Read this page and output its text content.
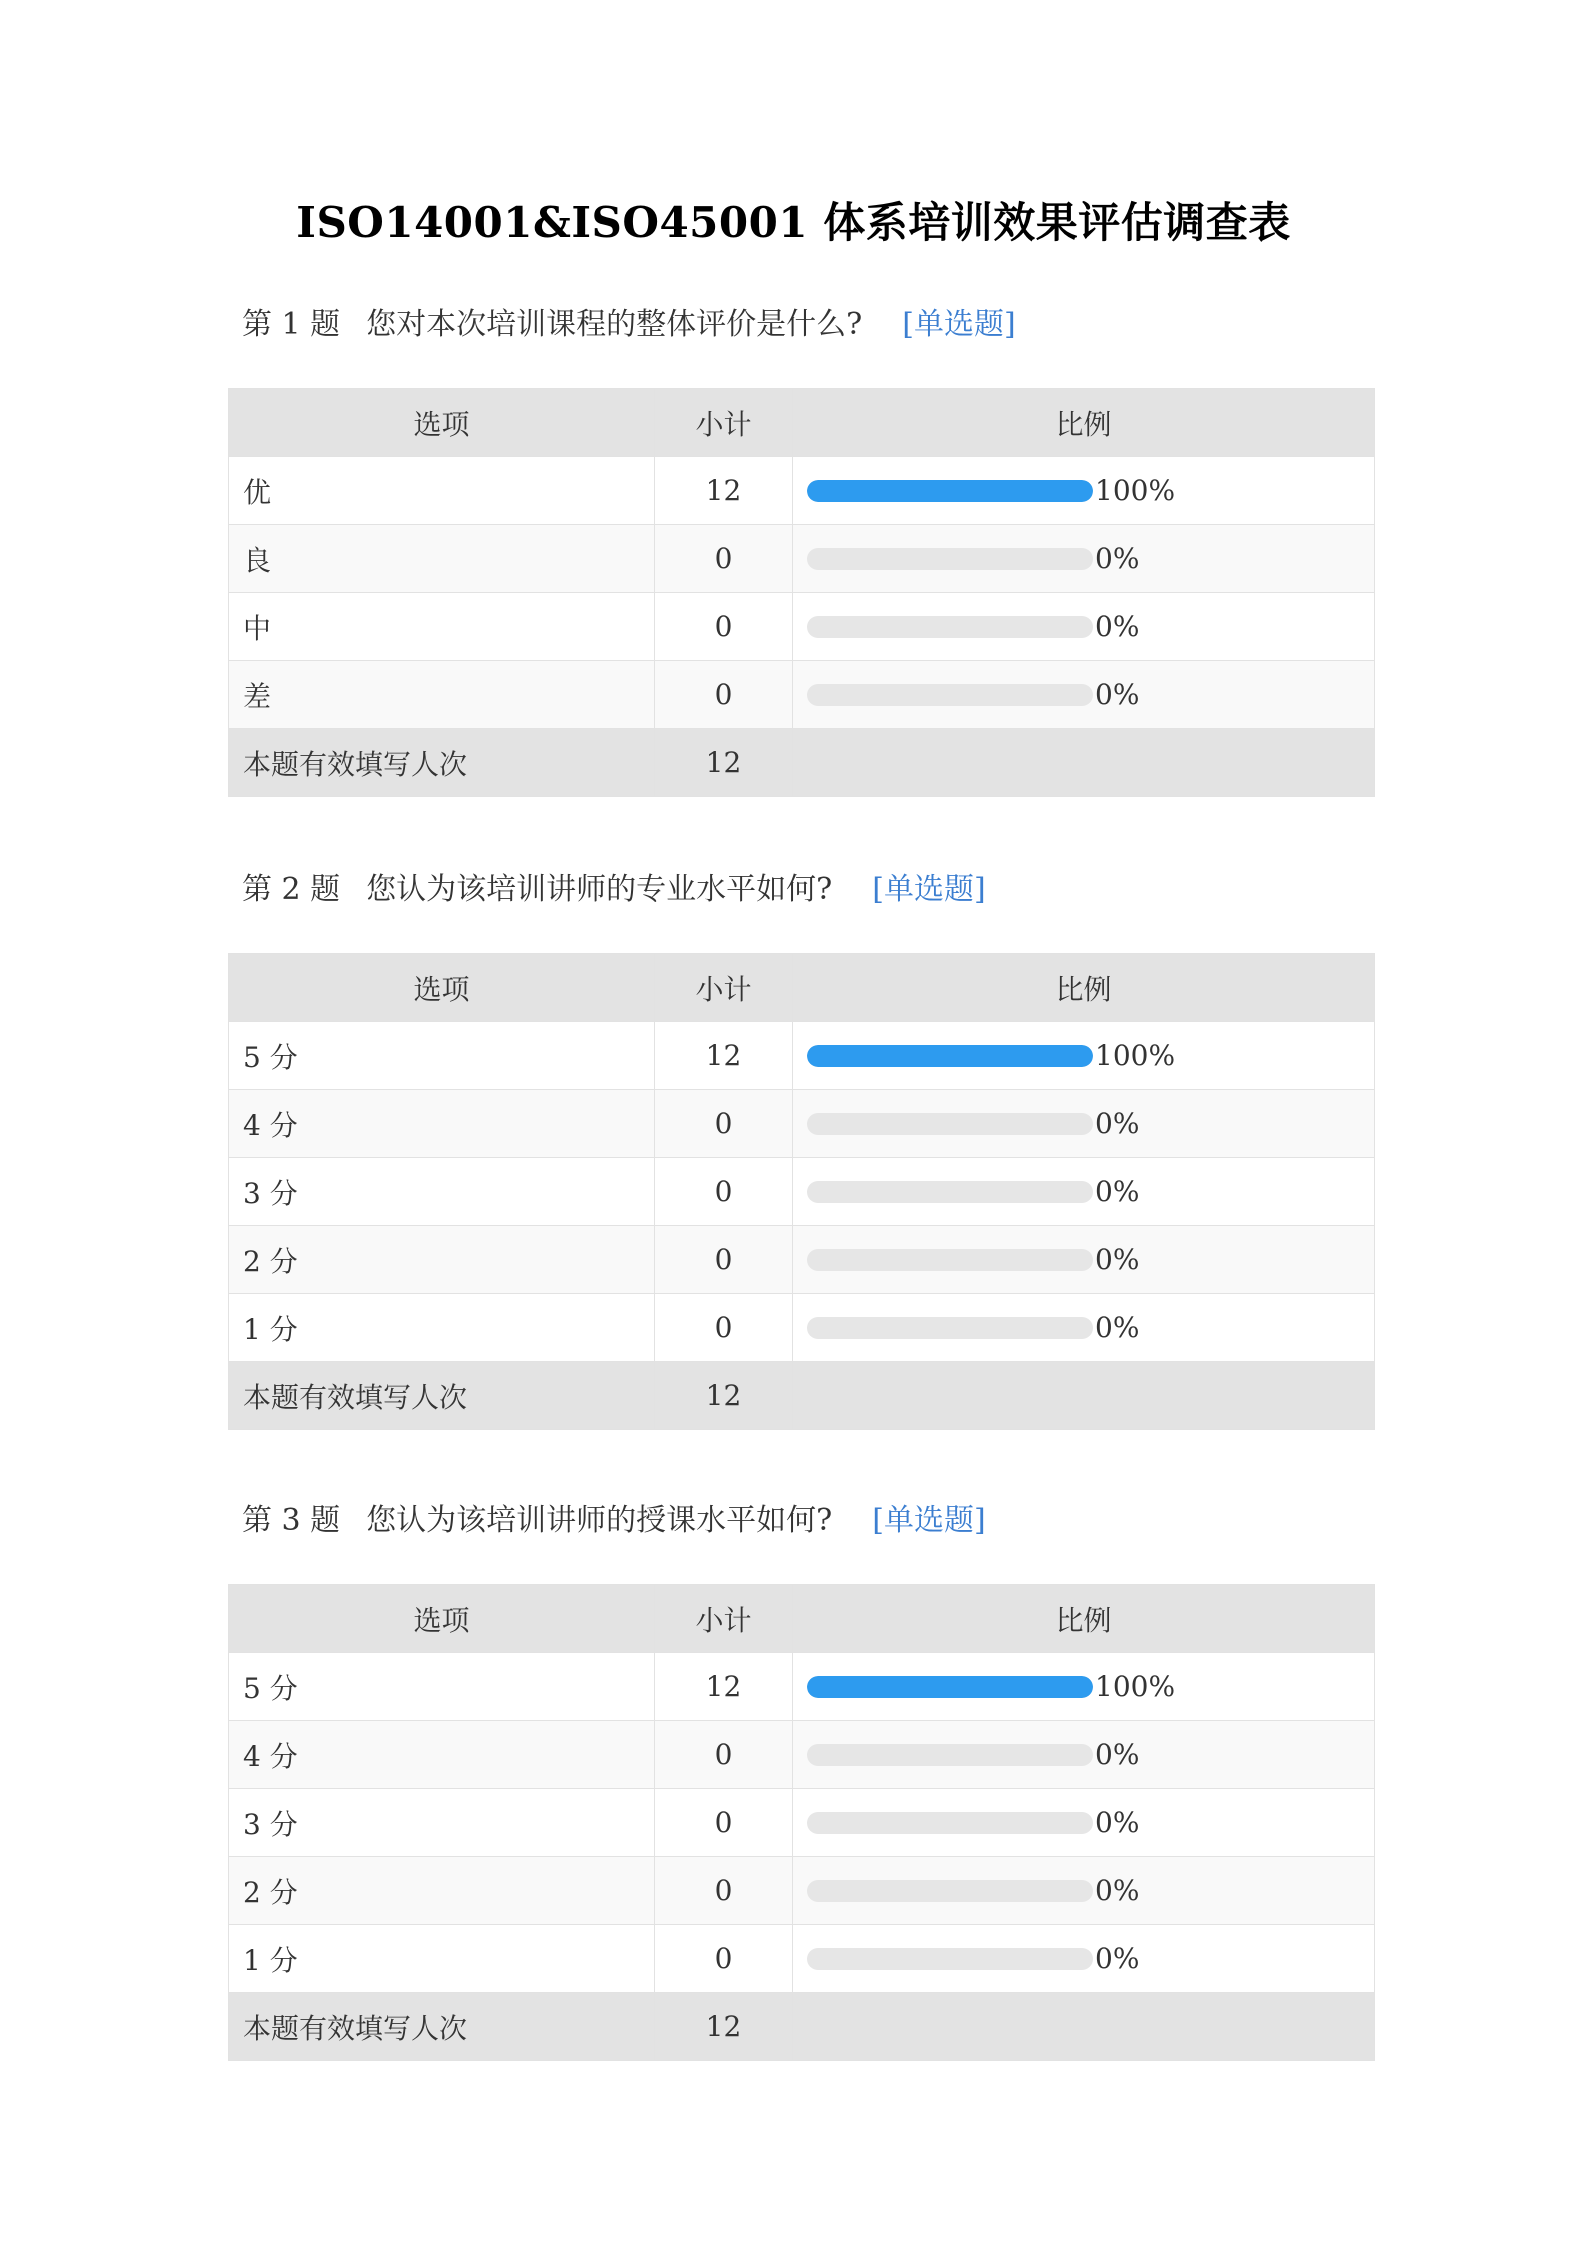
ISO14001&ISO45001 体系培训效果评估调查表
第 1 题 您对本次培训课程的整体评价是什么? [单选题]
选项	小计	比例
优	12	100%

良	0	0%

中	0	0%

差	0	0%

本题有效填写人次	12	
第 2 题 您认为该培训讲师的专业水平如何? [单选题]
选项	小计	比例
5 分	12	100%

4 分	0	0%

3 分	0	0%

2 分	0	0%

1 分	0	0%

本题有效填写人次	12	
第 3 题 您认为该培训讲师的授课水平如何? [单选题]
选项	小计	比例
5 分	12	100%

4 分	0	0%

3 分	0	0%

2 分	0	0%

1 分	0	0%

本题有效填写人次	12	
